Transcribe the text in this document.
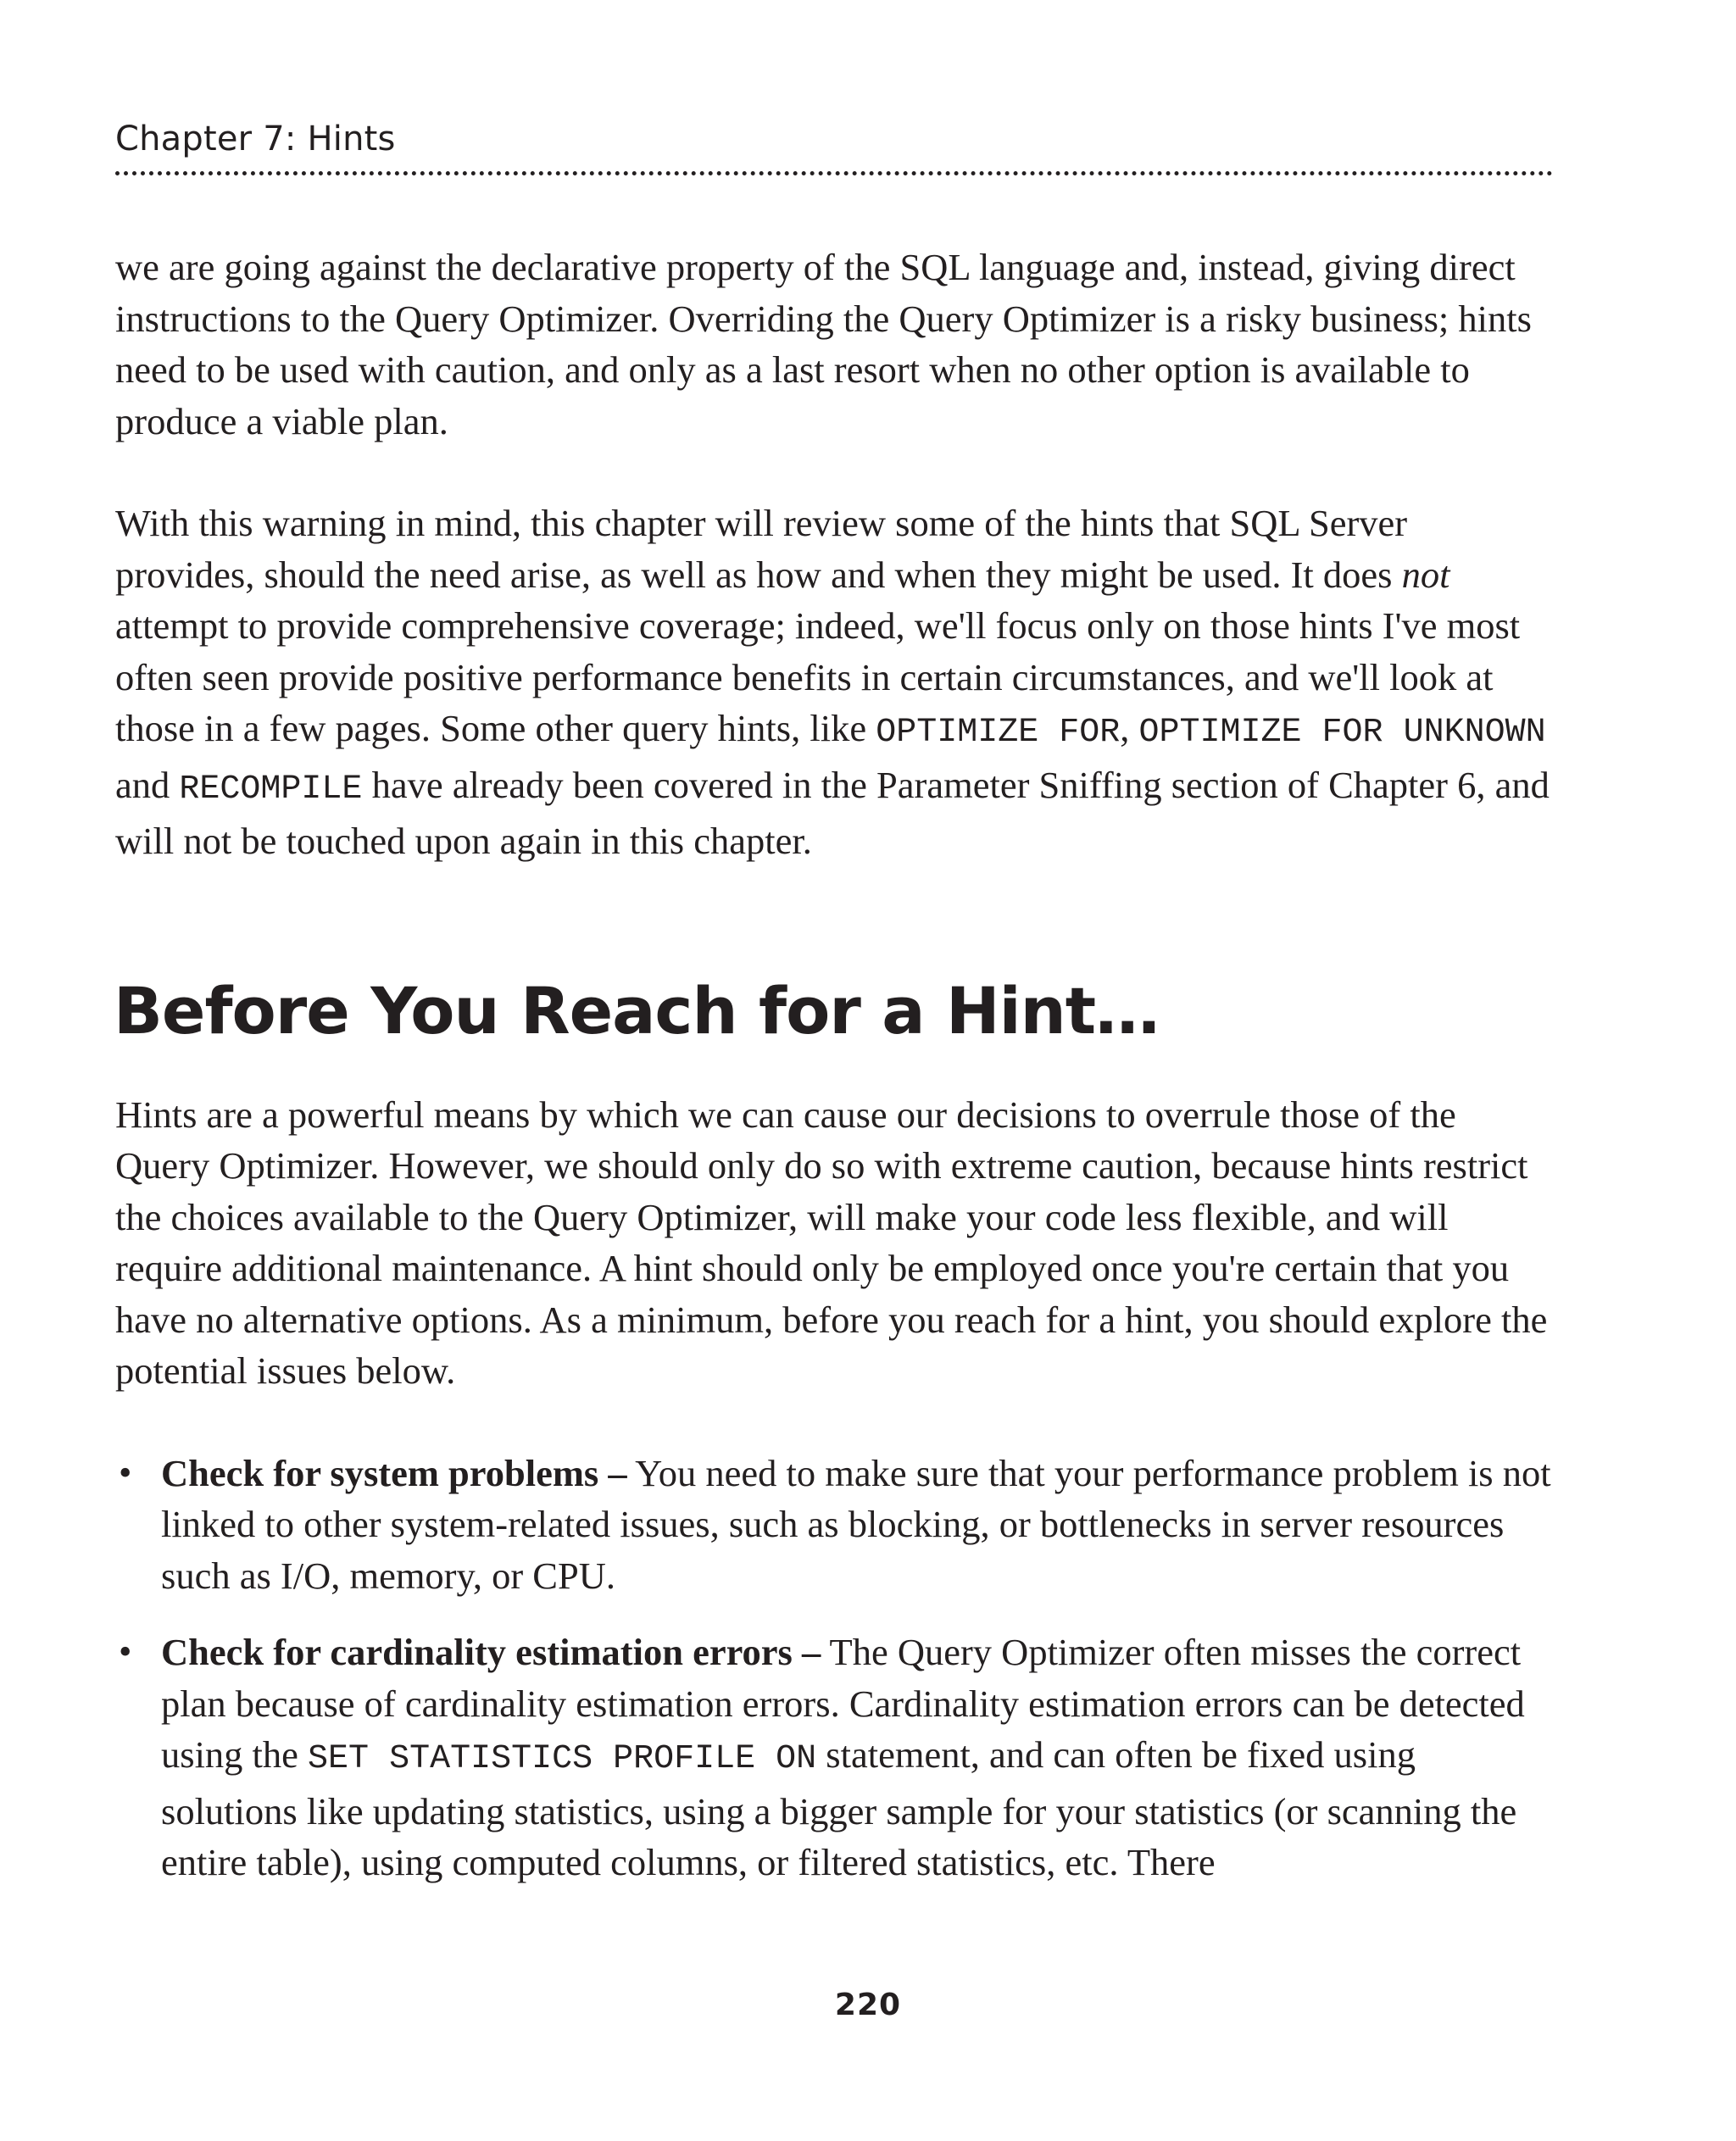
Chapter 7: Hints

we are going against the declarative property of the SQL language and, instead, giving direct instructions to the Query Optimizer. Overriding the Query Optimizer is a risky business; hints need to be used with caution, and only as a last resort when no other option is available to produce a viable plan.

With this warning in mind, this chapter will review some of the hints that SQL Server provides, should the need arise, as well as how and when they might be used. It does not attempt to provide comprehensive coverage; indeed, we'll focus only on those hints I've most often seen provide positive performance benefits in certain circumstances, and we'll look at those in a few pages. Some other query hints, like OPTIMIZE FOR, OPTIMIZE FOR UNKNOWN and RECOMPILE have already been covered in the Parameter Sniffing section of Chapter 6, and will not be touched upon again in this chapter.

Before You Reach for a Hint…

Hints are a powerful means by which we can cause our decisions to overrule those of the Query Optimizer. However, we should only do so with extreme caution, because hints restrict the choices available to the Query Optimizer, will make your code less flexible, and will require additional maintenance. A hint should only be employed once you're certain that you have no alternative options. As a minimum, before you reach for a hint, you should explore the potential issues below.

• Check for system problems – You need to make sure that your performance problem is not linked to other system-related issues, such as blocking, or bottlenecks in server resources such as I/O, memory, or CPU.
• Check for cardinality estimation errors – The Query Optimizer often misses the correct plan because of cardinality estimation errors. Cardinality estimation errors can be detected using the SET STATISTICS PROFILE ON statement, and can often be fixed using solutions like updating statistics, using a bigger sample for your statistics (or scanning the entire table), using computed columns, or filtered statistics, etc. There
220
